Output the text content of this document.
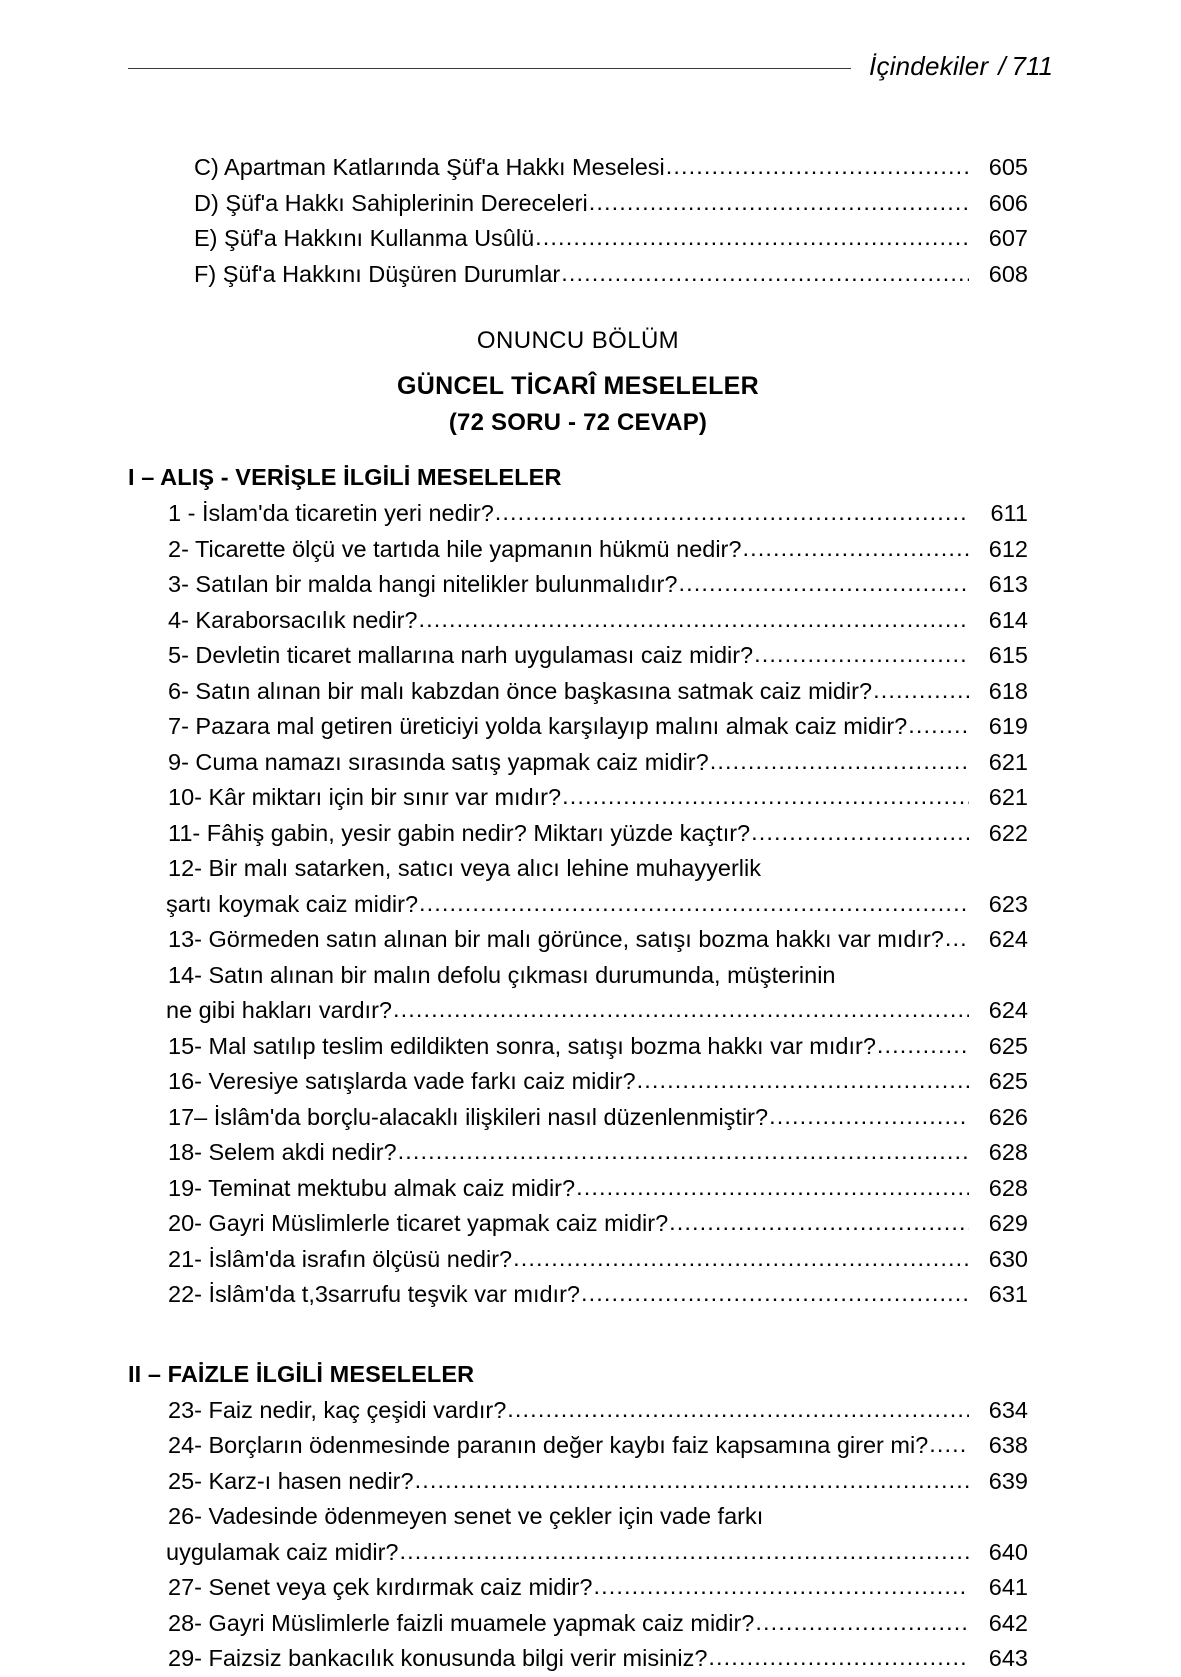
İçindekiler / 711
C) Apartman Katlarında Şüf'a Hakkı Meselesi .....	605
D) Şüf'a Hakkı Sahiplerinin Dereceleri .....	606
E) Şüf'a Hakkını Kullanma Usûlü .....	607
F) Şüf'a Hakkını Düşüren Durumlar .....	608
ONUNCU BÖLÜM
GÜNCEL TİCARÎ MESELELER
(72 SORU - 72 CEVAP)
I – ALIŞ - VERİŞLE İLGİLİ MESELELER
1 - İslam'da ticaretin yeri nedir? .....	611
2- Ticarette ölçü ve tartıda hile yapmanın hükmü nedir? .....	612
3- Satılan bir malda hangi nitelikler bulunmalıdır? .....	613
4- Karaborsacılık nedir? .....	614
5- Devletin ticaret mallarına narh uygulaması caiz midir? .....	615
6- Satın alınan bir malı kabzdan önce başkasına satmak caiz midir? .....	618
7- Pazara mal getiren üreticiyi yolda karşılayıp malını almak caiz midir? .....	619
9- Cuma namazı sırasında satış yapmak caiz midir? .....	621
10- Kâr miktarı için bir sınır var mıdır? .....	621
11- Fâhiş gabin, yesir gabin nedir? Miktarı yüzde kaçtır? .....	622
12- Bir malı satarken, satıcı veya alıcı lehine muhayyerlik
şartı koymak caiz midir? .....	623
13- Görmeden satın alınan bir malı görünce, satışı bozma hakkı var mıdır? .....	624
14- Satın alınan bir malın defolu çıkması durumunda, müşterinin
ne gibi hakları vardır? .....	624
15- Mal satılıp teslim edildikten sonra, satışı bozma hakkı var mıdır? .....	625
16- Veresiye satışlarda vade farkı caiz midir? .....	625
17– İslâm'da borçlu-alacaklı ilişkileri nasıl düzenlenmiştir? .....	626
18- Selem akdi nedir? .....	628
19- Teminat mektubu almak caiz midir? .....	628
20- Gayri Müslimlerle ticaret yapmak caiz midir? .....	629
21- İslâm'da israfın ölçüsü nedir? .....	630
22- İslâm'da t,3sarrufu teşvik var mıdır? .....	631
II – FAİZLE İLGİLİ MESELELER
23- Faiz nedir, kaç çeşidi vardır? .....	634
24- Borçların ödenmesinde paranın değer kaybı faiz kapsamına girer mi? .....	638
25- Karz-ı hasen nedir? .....	639
26- Vadesinde ödenmeyen senet ve çekler için vade farkı
uygulamak caiz midir? .....	640
27- Senet veya çek kırdırmak caiz midir? .....	641
28- Gayri Müslimlerle faizli muamele yapmak caiz midir? .....	642
29- Faizsiz bankacılık konusunda bilgi verir misiniz? .....	643
